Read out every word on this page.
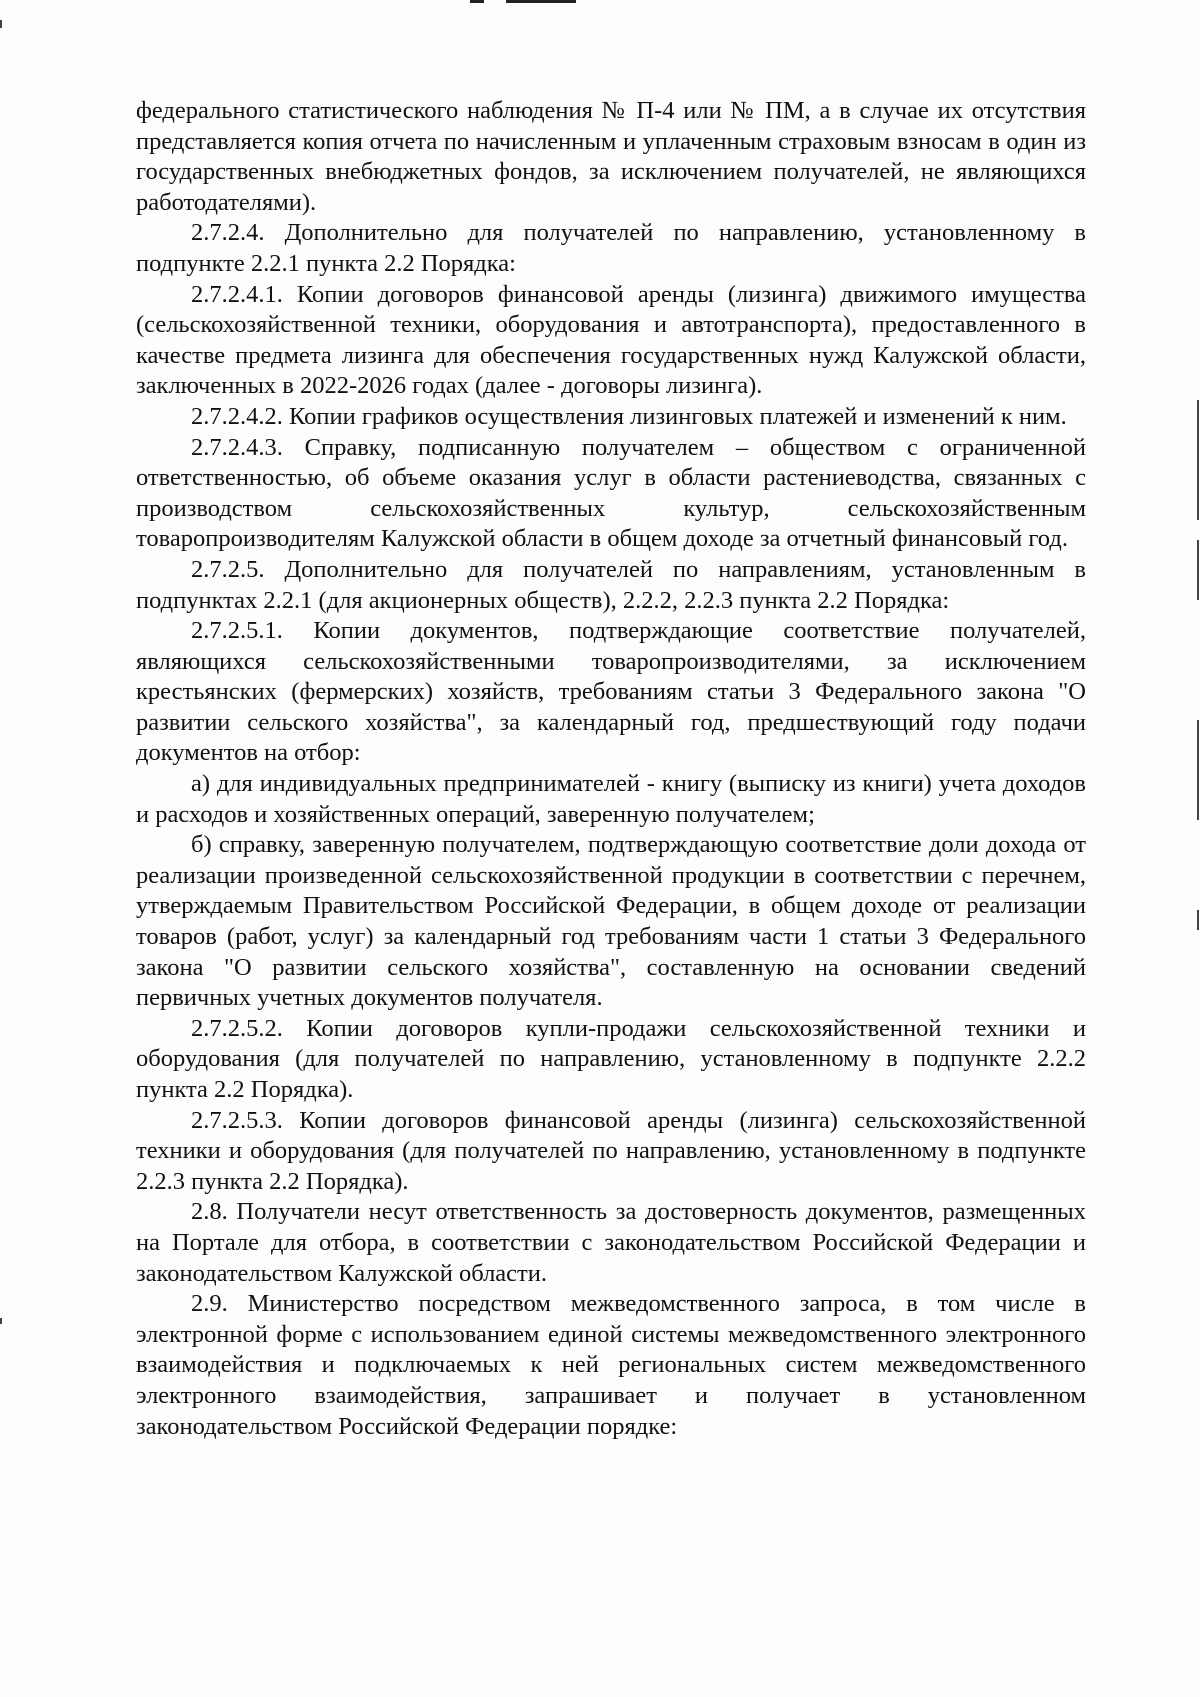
федерального статистического наблюдения № П-4 или № ПМ, а в случае их отсутствия представляется копия отчета по начисленным и уплаченным страховым взносам в один из государственных внебюджетных фондов, за исключением получателей, не являющихся работодателями).

2.7.2.4. Дополнительно для получателей по направлению, установленному в подпункте 2.2.1 пункта 2.2 Порядка:

2.7.2.4.1. Копии договоров финансовой аренды (лизинга) движимого имущества (сельскохозяйственной техники, оборудования и автотранспорта), предоставленного в качестве предмета лизинга для обеспечения государственных нужд Калужской области, заключенных в 2022-2026 годах (далее - договоры лизинга).

2.7.2.4.2. Копии графиков осуществления лизинговых платежей и изменений к ним.

2.7.2.4.3. Справку, подписанную получателем – обществом с ограниченной ответственностью, об объеме оказания услуг в области растениеводства, связанных с производством сельскохозяйственных культур, сельскохозяйственным товаропроизводителям Калужской области в общем доходе за отчетный финансовый год.

2.7.2.5. Дополнительно для получателей по направлениям, установленным в подпунктах 2.2.1 (для акционерных обществ), 2.2.2, 2.2.3 пункта 2.2 Порядка:

2.7.2.5.1. Копии документов, подтверждающие соответствие получателей, являющихся сельскохозяйственными товаропроизводителями, за исключением крестьянских (фермерских) хозяйств, требованиям статьи 3 Федерального закона "О развитии сельского хозяйства", за календарный год, предшествующий году подачи документов на отбор:

а) для индивидуальных предпринимателей - книгу (выписку из книги) учета доходов и расходов и хозяйственных операций, заверенную получателем;

б) справку, заверенную получателем, подтверждающую соответствие доли дохода от реализации произведенной сельскохозяйственной продукции в соответствии с перечнем, утверждаемым Правительством Российской Федерации, в общем доходе от реализации товаров (работ, услуг) за календарный год требованиям части 1 статьи 3 Федерального закона "О развитии сельского хозяйства", составленную на основании сведений первичных учетных документов получателя.

2.7.2.5.2. Копии договоров купли-продажи сельскохозяйственной техники и оборудования (для получателей по направлению, установленному в подпункте 2.2.2 пункта 2.2 Порядка).

2.7.2.5.3. Копии договоров финансовой аренды (лизинга) сельскохозяйственной техники и оборудования (для получателей по направлению, установленному в подпункте 2.2.3 пункта 2.2 Порядка).

2.8. Получатели несут ответственность за достоверность документов, размещенных на Портале для отбора, в соответствии с законодательством Российской Федерации и законодательством Калужской области.

2.9. Министерство посредством межведомственного запроса, в том числе в электронной форме с использованием единой системы межведомственного электронного взаимодействия и подключаемых к ней региональных систем межведомственного электронного взаимодействия, запрашивает и получает в установленном законодательством Российской Федерации порядке:
